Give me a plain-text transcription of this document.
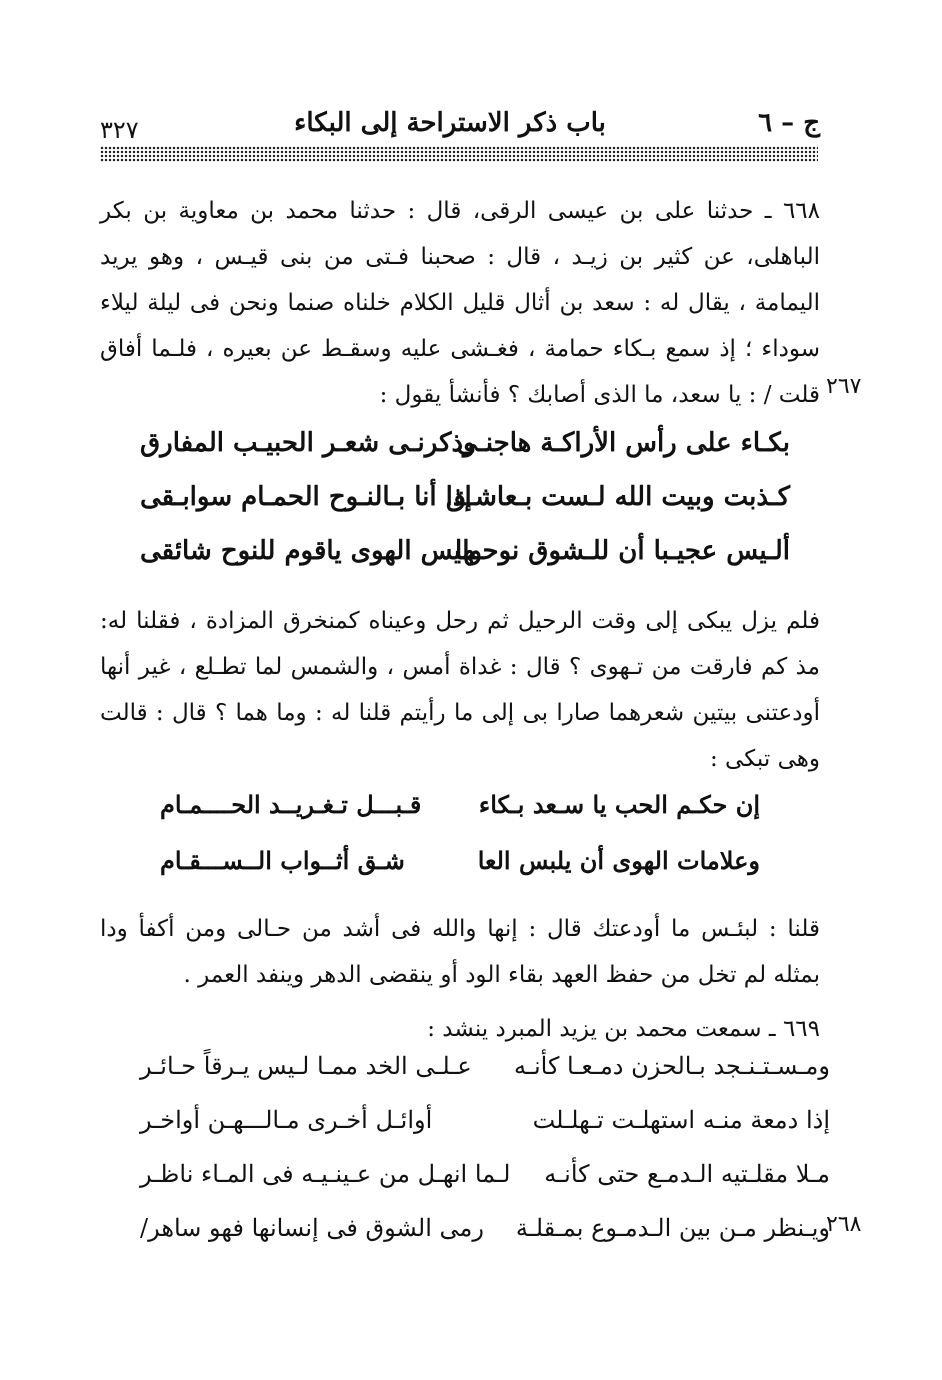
ج – ٦
باب ذكر الاستراحة إلى البكاء
٣٢٧
٦٦٨ ـ حدثنا على بن عيسى الرقى، قال : حدثنا محمد بن معاوية بن بكر
الباهلى، عن كثير بن زيـد ، قال : صحبنا فـتى من بنى قيـس ، وهو يريد
اليمامة ، يقال له : سعد بن أثال قليل الكلام خلناه صنما ونحن فى ليلة ليلاء
سوداء ؛ إذ سمع بـكاء حمامة ، فغـشى عليه وسقـط عن بعيره ، فلـما أفاق
قلت / : يا سعد، ما الذى أصابك ؟ فأنشأ يقول : ٢٦٧
بكـاء على رأس الأراكـة هاجنـى
وذكرنـى شعـر الحبيـب المفارق
كـذبت وبيت الله لـست بـعاشـق
إذا أنا بـالنـوح الحمـام سوابـقى
ألـيس عجيـبا أن للـشوق نوحـها
وليس الهوى ياقوم للنوح شائقى
فلم يزل يبكى إلى وقت الرحيل ثم رحل وعيناه كمنخرق المزادة ، فقلنا له:
مذ كم فارقت من تـهوى ؟ قال : غداة أمس ، والشمس لما تطـلع ، غير أنها
أودعتنى بيتين شعرهما صارا بى إلى ما رأيتم قلنا له : وما هما ؟ قال : قالت
وهى تبكى :
إن حكـم الحب يا سـعد بـكاء
قـبـــل تـغـريــد الحــــمـام
وعلامات الهوى أن يلبس العا
شـق أثــواب الــســـقـام
قلنا : لبئـس ما أودعتك قال : إنها والله فى أشد من حـالى ومن أكفأ ودا
بمثله لم تخل من حفظ العهد بقاء الود أو ينقضى الدهر وينفد العمر .
٦٦٩ ـ سمعت محمد بن يزيد المبرد ينشد :
ومـسـتـنـجد بـالحزن دمـعـا كأنـه
عـلـى الخد ممـا لـيس يـرقاً حـائـر
إذا دمعة منـه استهلـت تـهلـلت
أوائـل أخـرى مـالـــهـن أواخـر
مـلا مقلـتيه الـدمـع حتى كأنـه
لـما انهـل من عـينـيـه فى المـاء ناظـر
ويـنظر مـن بين الـدمـوع بمـقلـة
رمى الشوق فى إنسانها فهو ساهر/	٢٦٨
